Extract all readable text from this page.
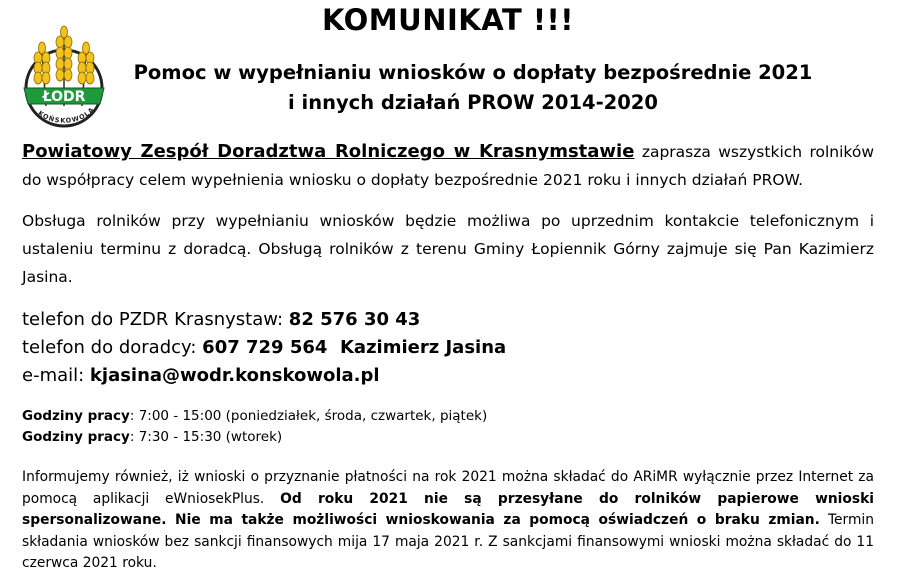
ŁODR
KOŃSKOWOLA
KOMUNIKAT !!!
Pomoc w wypełnianiu wniosków o dopłaty bezpośrednie 2021
i innych działań PROW 2014-2020

Powiatowy Zespół Doradztwa Rolniczego w Krasnymstawie zaprasza wszystkich rolników do współpracy celem wypełnienia wniosku o dopłaty bezpośrednie 2021 roku i innych działań PROW.

Obsługa rolników przy wypełnianiu wniosków będzie możliwa po uprzednim kontakcie telefonicznym i ustaleniu terminu z doradcą. Obsługą rolników z terenu Gminy Łopiennik Górny zajmuje się Pan Kazimierz Jasina.

telefon do PZDR Krasnystaw: 82 576 30 43
telefon do doradcy: 607 729 564 Kazimierz Jasina
e-mail: kjasina@wodr.konskowola.pl
Godziny pracy: 7:00 - 15:00 (poniedziałek, środa, czwartek, piątek)
Godziny pracy: 7:30 - 15:30 (wtorek)

Informujemy również, iż wnioski o przyznanie płatności na rok 2021 można składać do ARiMR wyłącznie przez Internet za pomocą aplikacji eWniosekPlus. Od roku 2021 nie są przesyłane do rolników papierowe wnioski spersonalizowane. Nie ma także możliwości wnioskowania za pomocą oświadczeń o braku zmian. Termin składania wniosków bez sankcji finansowych mija 17 maja 2021 r. Z sankcjami finansowymi wnioski można składać do 11 czerwca 2021 roku.
